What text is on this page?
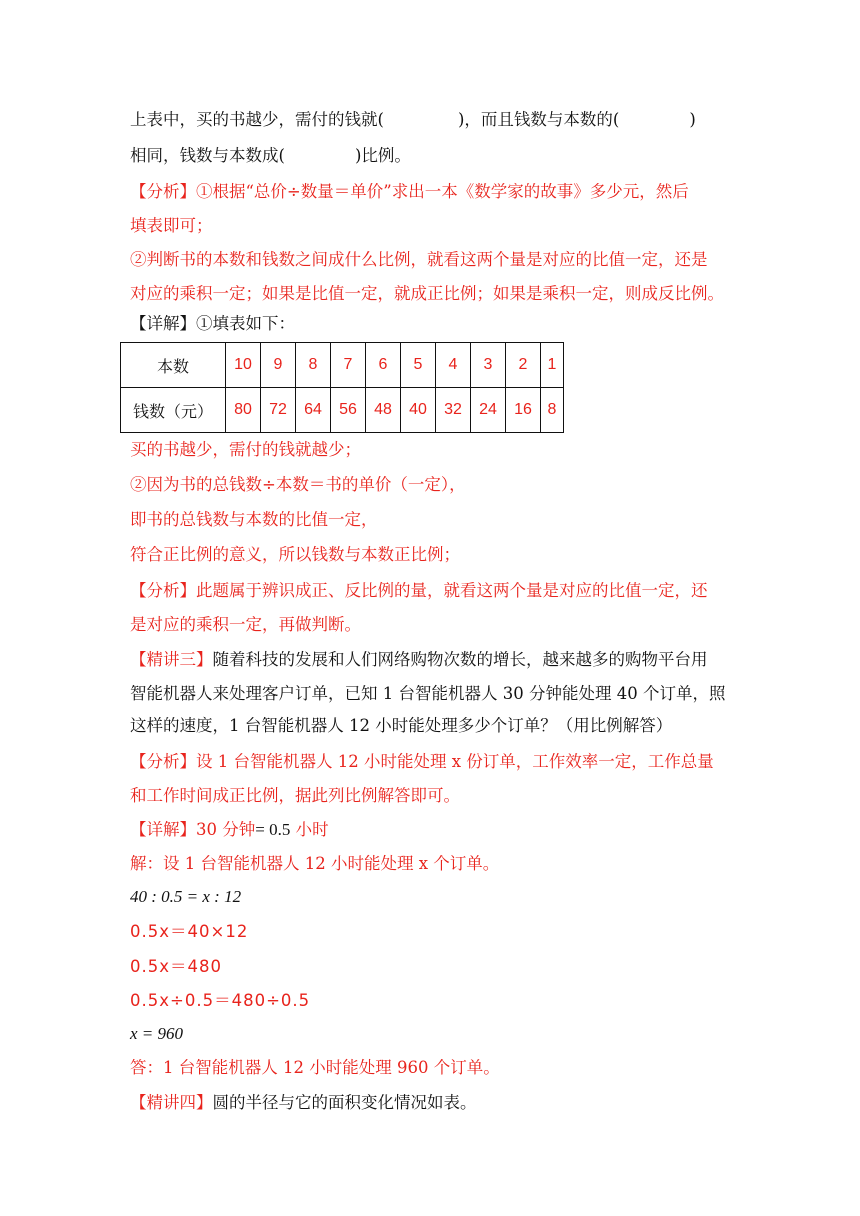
上表中，买的书越少，需付的钱就(	)，而且钱数与本数的(	)
相同，钱数与本数成(	)比例。
【分析】①根据“总价÷数量＝单价”求出一本《数学家的故事》多少元，然后
填表即可；
②判断书的本数和钱数之间成什么比例，就看这两个量是对应的比值一定，还是
对应的乘积一定；如果是比值一定，就成正比例；如果是乘积一定，则成反比例。
【详解】①填表如下：
本数	10	9	8	7	6	5	4	3	2	1
钱数（元）	80	72	64	56	48	40	32	24	16	8
买的书越少，需付的钱就越少；
②因为书的总钱数÷本数＝书的单价（一定），
即书的总钱数与本数的比值一定，
符合正比例的意义，所以钱数与本数正比例；
【分析】此题属于辨识成正、反比例的量，就看这两个量是对应的比值一定，还
是对应的乘积一定，再做判断。
【精讲三】随着科技的发展和人们网络购物次数的增长，越来越多的购物平台用
智能机器人来处理客户订单，已知 1 台智能机器人 30 分钟能处理 40 个订单，照
这样的速度，1 台智能机器人 12 小时能处理多少个订单？（用比例解答）
【分析】设 1 台智能机器人 12 小时能处理 x 份订单，工作效率一定，工作总量
和工作时间成正比例，据此列比例解答即可。
【详解】30 分钟= 0.5 小时
解：设 1 台智能机器人 12 小时能处理 x 个订单。
40 : 0.5 = x : 12
0.5x＝40×12
0.5x＝480
0.5x÷0.5＝480÷0.5
x = 960
答：1 台智能机器人 12 小时能处理 960 个订单。
【精讲四】圆的半径与它的面积变化情况如表。
